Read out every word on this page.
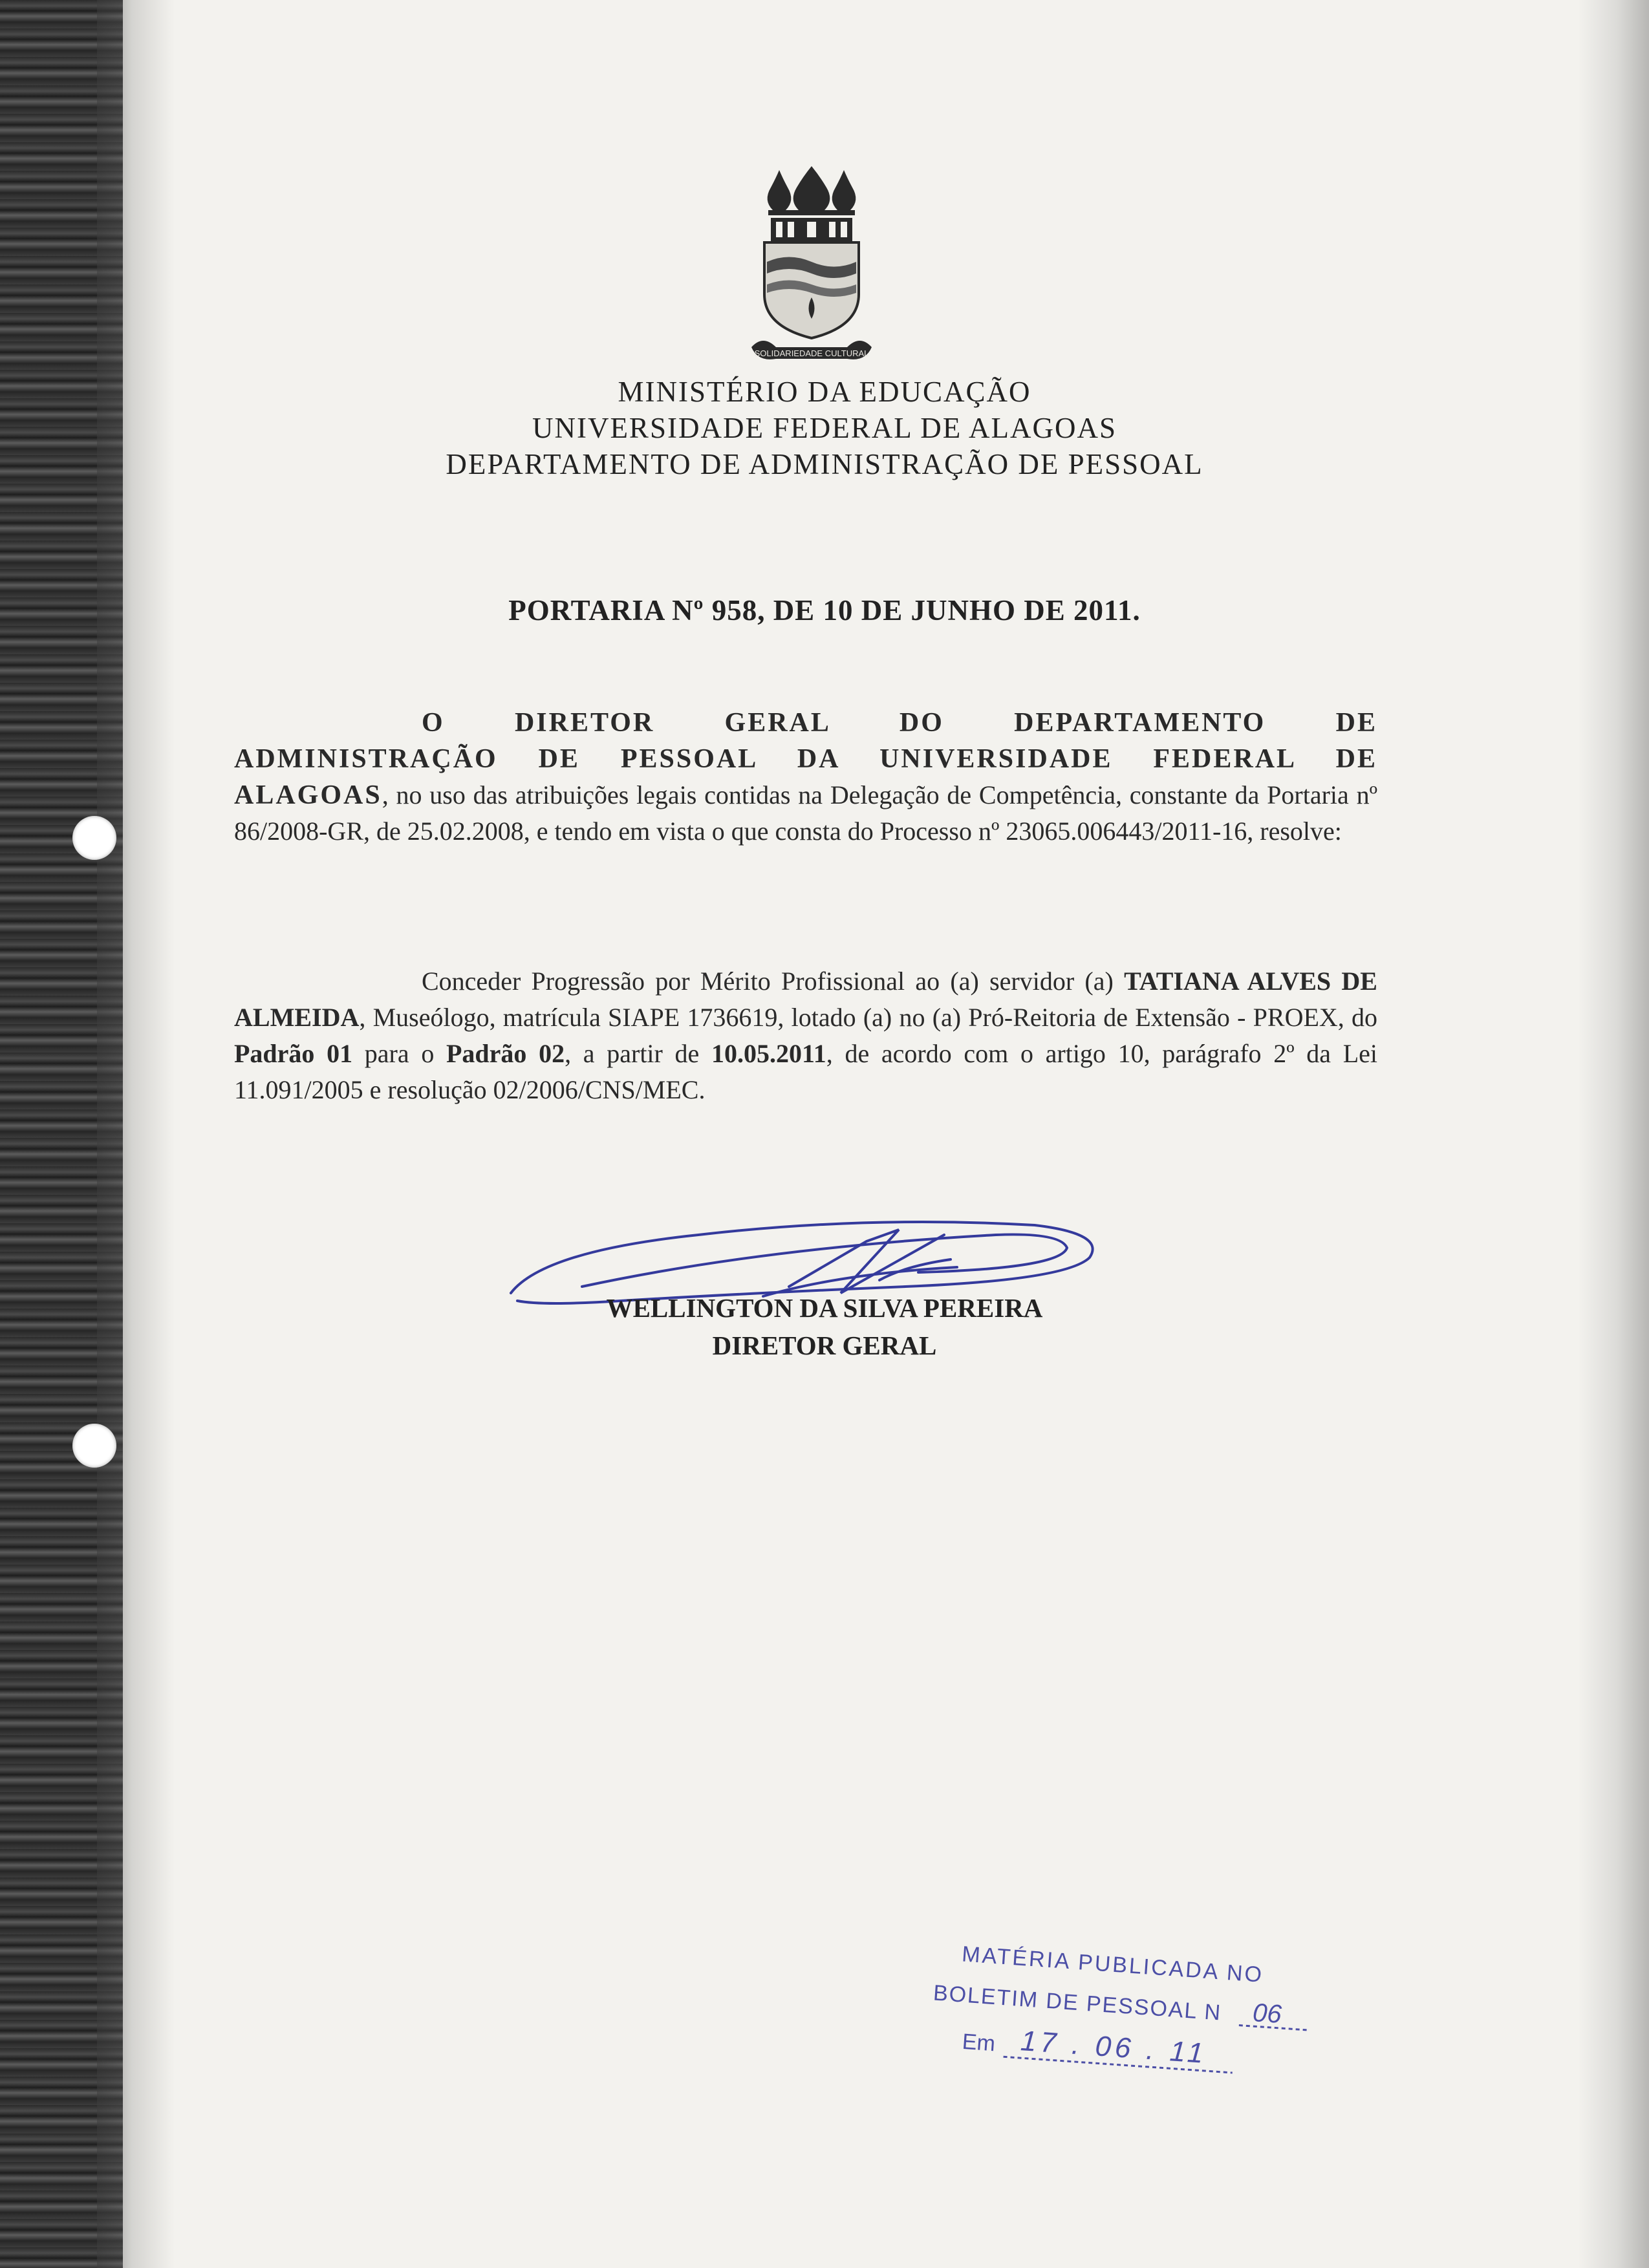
SOLIDARIEDADE CULTURAL
MINISTÉRIO DA EDUCAÇÃO
UNIVERSIDADE FEDERAL DE ALAGOAS
DEPARTAMENTO DE ADMINISTRAÇÃO DE PESSOAL
PORTARIA Nº 958, DE 10 DE JUNHO DE 2011.
O DIRETOR GERAL DO DEPARTAMENTO DE ADMINISTRAÇÃO DE PESSOAL DA UNIVERSIDADE FEDERAL DE ALAGOAS, no uso das atribuições legais contidas na Delegação de Competência, constante da Portaria nº 86/2008-GR, de 25.02.2008, e tendo em vista o que consta do Processo nº 23065.006443/2011-16, resolve:
Conceder Progressão por Mérito Profissional ao (a) servidor (a) TATIANA ALVES DE ALMEIDA, Museólogo, matrícula SIAPE 1736619, lotado (a) no (a) Pró-Reitoria de Extensão - PROEX, do Padrão 01 para o Padrão 02, a partir de 10.05.2011, de acordo com o artigo 10, parágrafo 2º da Lei 11.091/2005 e resolução 02/2006/CNS/MEC.
WELLINGTON DA SILVA PEREIRA
DIRETOR GERAL
MATÉRIA PUBLICADA NO
BOLETIM DE PESSOAL N 06
Em 17 . 06 . 11
